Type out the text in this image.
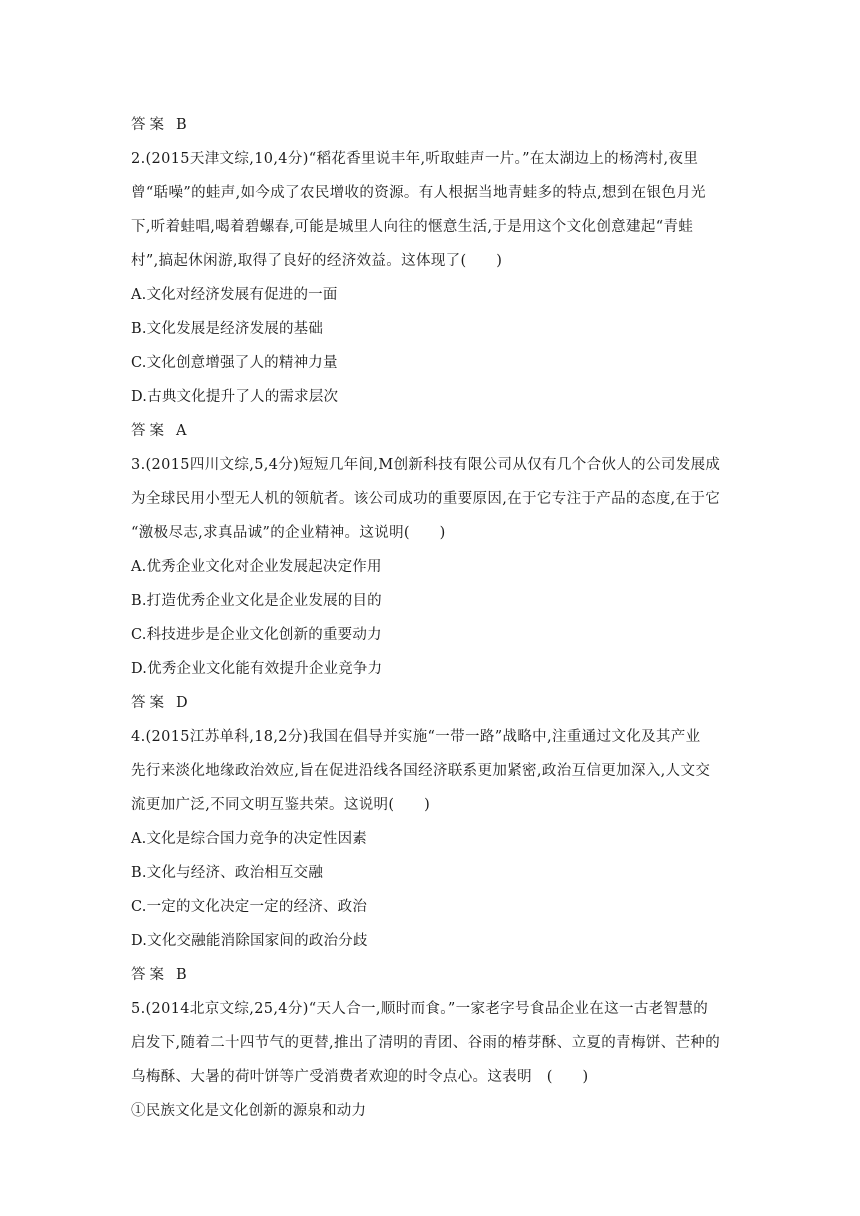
答案 B
2.(2015天津文综,10,4分)“稻花香里说丰年,听取蛙声一片。”在太湖边上的杨湾村,夜里
曾“聒噪”的蛙声,如今成了农民增收的资源。有人根据当地青蛙多的特点,想到在银色月光
下,听着蛙唱,喝着碧螺春,可能是城里人向往的惬意生活,于是用这个文化创意建起“青蛙
村”,搞起休闲游,取得了良好的经济效益。这体现了(　　)
A.文化对经济发展有促进的一面
B.文化发展是经济发展的基础
C.文化创意增强了人的精神力量
D.古典文化提升了人的需求层次
答案 A
3.(2015四川文综,5,4分)短短几年间,M创新科技有限公司从仅有几个合伙人的公司发展成
为全球民用小型无人机的领航者。该公司成功的重要原因,在于它专注于产品的态度,在于它
“激极尽志,求真品诚”的企业精神。这说明(　　)
A.优秀企业文化对企业发展起决定作用
B.打造优秀企业文化是企业发展的目的
C.科技进步是企业文化创新的重要动力
D.优秀企业文化能有效提升企业竞争力
答案 D
4.(2015江苏单科,18,2分)我国在倡导并实施“一带一路”战略中,注重通过文化及其产业
先行来淡化地缘政治效应,旨在促进沿线各国经济联系更加紧密,政治互信更加深入,人文交
流更加广泛,不同文明互鉴共荣。这说明(　　)
A.文化是综合国力竞争的决定性因素
B.文化与经济、政治相互交融
C.一定的文化决定一定的经济、政治
D.文化交融能消除国家间的政治分歧
答案 B
5.(2014北京文综,25,4分)“天人合一,顺时而食。”一家老字号食品企业在这一古老智慧的
启发下,随着二十四节气的更替,推出了清明的青团、谷雨的椿芽酥、立夏的青梅饼、芒种的
乌梅酥、大暑的荷叶饼等广受消费者欢迎的时令点心。这表明　(　　)
①民族文化是文化创新的源泉和动力
